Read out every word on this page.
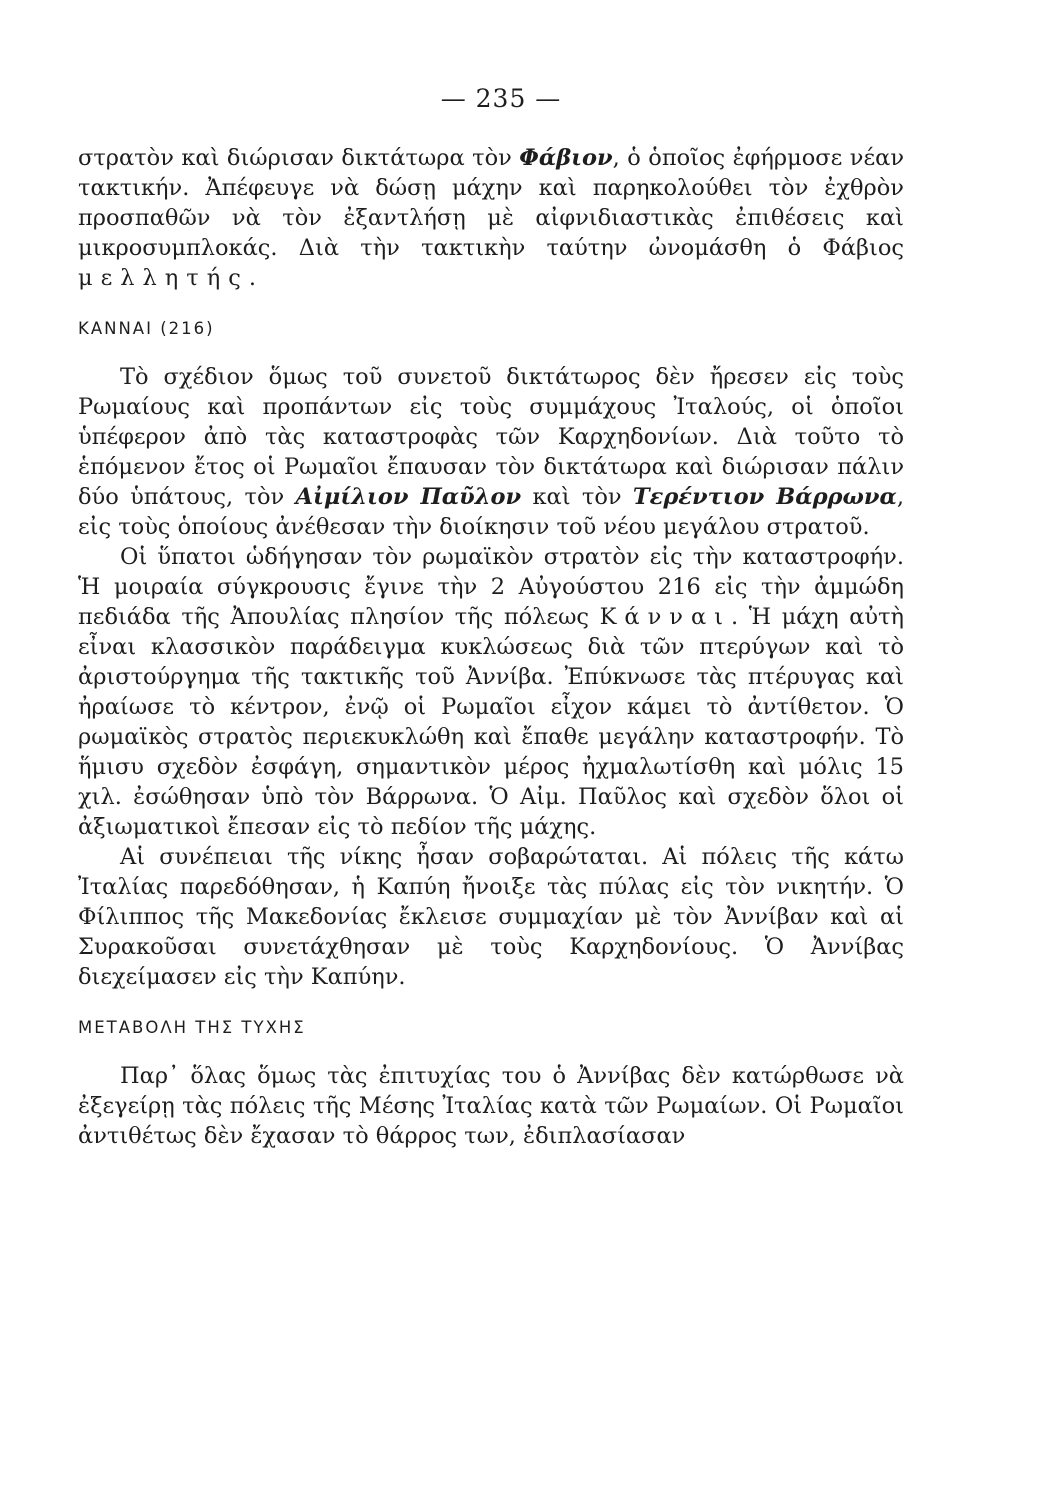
— 235 —

στρατὸν καὶ διώρισαν δικτάτωρα τὸν Φάβιον, ὁ ὁποῖος ἐφήρμοσε νέαν τακτικήν. Ἀπέφευγε νὰ δώσῃ μάχην καὶ παρηκολούθει τὸν ἐχθρὸν προσπαθῶν νὰ τὸν ἐξαντλήσῃ μὲ αἰφνιδιαστικὰς ἐπιθέσεις καὶ μικροσυμπλοκάς. Διὰ τὴν τακτικὴν ταύτην ὠνομάσθη ὁ Φάβιος μελλητής.

ΚΑΝΝΑΙ (216)

Τὸ σχέδιον ὅμως τοῦ συνετοῦ δικτάτωρος δὲν ἤρεσεν εἰς τοὺς Ρωμαίους καὶ προπάντων εἰς τοὺς συμμάχους Ἰταλούς, οἱ ὁποῖοι ὑπέφερον ἀπὸ τὰς καταστροφὰς τῶν Καρχηδονίων. Διὰ τοῦτο τὸ ἑπόμενον ἔτος οἱ Ρωμαῖοι ἔπαυσαν τὸν δικτάτωρα καὶ διώρισαν πάλιν δύο ὑπάτους, τὸν Αἰμίλιον Παῦλον καὶ τὸν Τερέντιον Βάρρωνα, εἰς τοὺς ὁποίους ἀνέθεσαν τὴν διοίκησιν τοῦ νέου μεγάλου στρατοῦ.

Οἱ ὕπατοι ὡδήγησαν τὸν ρωμαϊκὸν στρατὸν εἰς τὴν καταστροφήν. Ἡ μοιραία σύγκρουσις ἔγινε τὴν 2 Αὐγούστου 216 εἰς τὴν ἀμμώδη πεδιάδα τῆς Ἀπουλίας πλησίον τῆς πόλεως Κάνναι. Ἡ μάχη αὐτὴ εἶναι κλασσικὸν παράδειγμα κυκλώσεως διὰ τῶν πτερύγων καὶ τὸ ἀριστούργημα τῆς τακτικῆς τοῦ Ἀννίβα. Ἐπύκνωσε τὰς πτέρυγας καὶ ἠραίωσε τὸ κέντρον, ἐνῷ οἱ Ρωμαῖοι εἶχον κάμει τὸ ἀντίθετον. Ὁ ρωμαϊκὸς στρατὸς περιεκυκλώθη καὶ ἔπαθε μεγάλην καταστροφήν. Τὸ ἥμισυ σχεδὸν ἐσφάγη, σημαντικὸν μέρος ἠχμαλωτίσθη καὶ μόλις 15 χιλ. ἐσώθησαν ὑπὸ τὸν Βάρρωνα. Ὁ Αἰμ. Παῦλος καὶ σχεδὸν ὅλοι οἱ ἀξιωματικοὶ ἔπεσαν εἰς τὸ πεδίον τῆς μάχης.

Αἱ συνέπειαι τῆς νίκης ἦσαν σοβαρώταται. Αἱ πόλεις τῆς κάτω Ἰταλίας παρεδόθησαν, ἡ Καπύη ἤνοιξε τὰς πύλας εἰς τὸν νικητήν. Ὁ Φίλιππος τῆς Μακεδονίας ἔκλεισε συμμαχίαν μὲ τὸν Ἀννίβαν καὶ αἱ Συρακοῦσαι συνετάχθησαν μὲ τοὺς Καρχηδονίους. Ὁ Ἀννίβας διεχείμασεν εἰς τὴν Καπύην.

ΜΕΤΑΒΟΛΗ ΤΗΣ ΤΥΧΗΣ

Παρ᾽ ὅλας ὅμως τὰς ἐπιτυχίας του ὁ Ἀννίβας δὲν κατώρθωσε νὰ ἐξεγείρῃ τὰς πόλεις τῆς Μέσης Ἰταλίας κατὰ τῶν Ρωμαίων. Οἱ Ρωμαῖοι ἀντιθέτως δὲν ἔχασαν τὸ θάρρος των, ἐδιπλασίασαν
